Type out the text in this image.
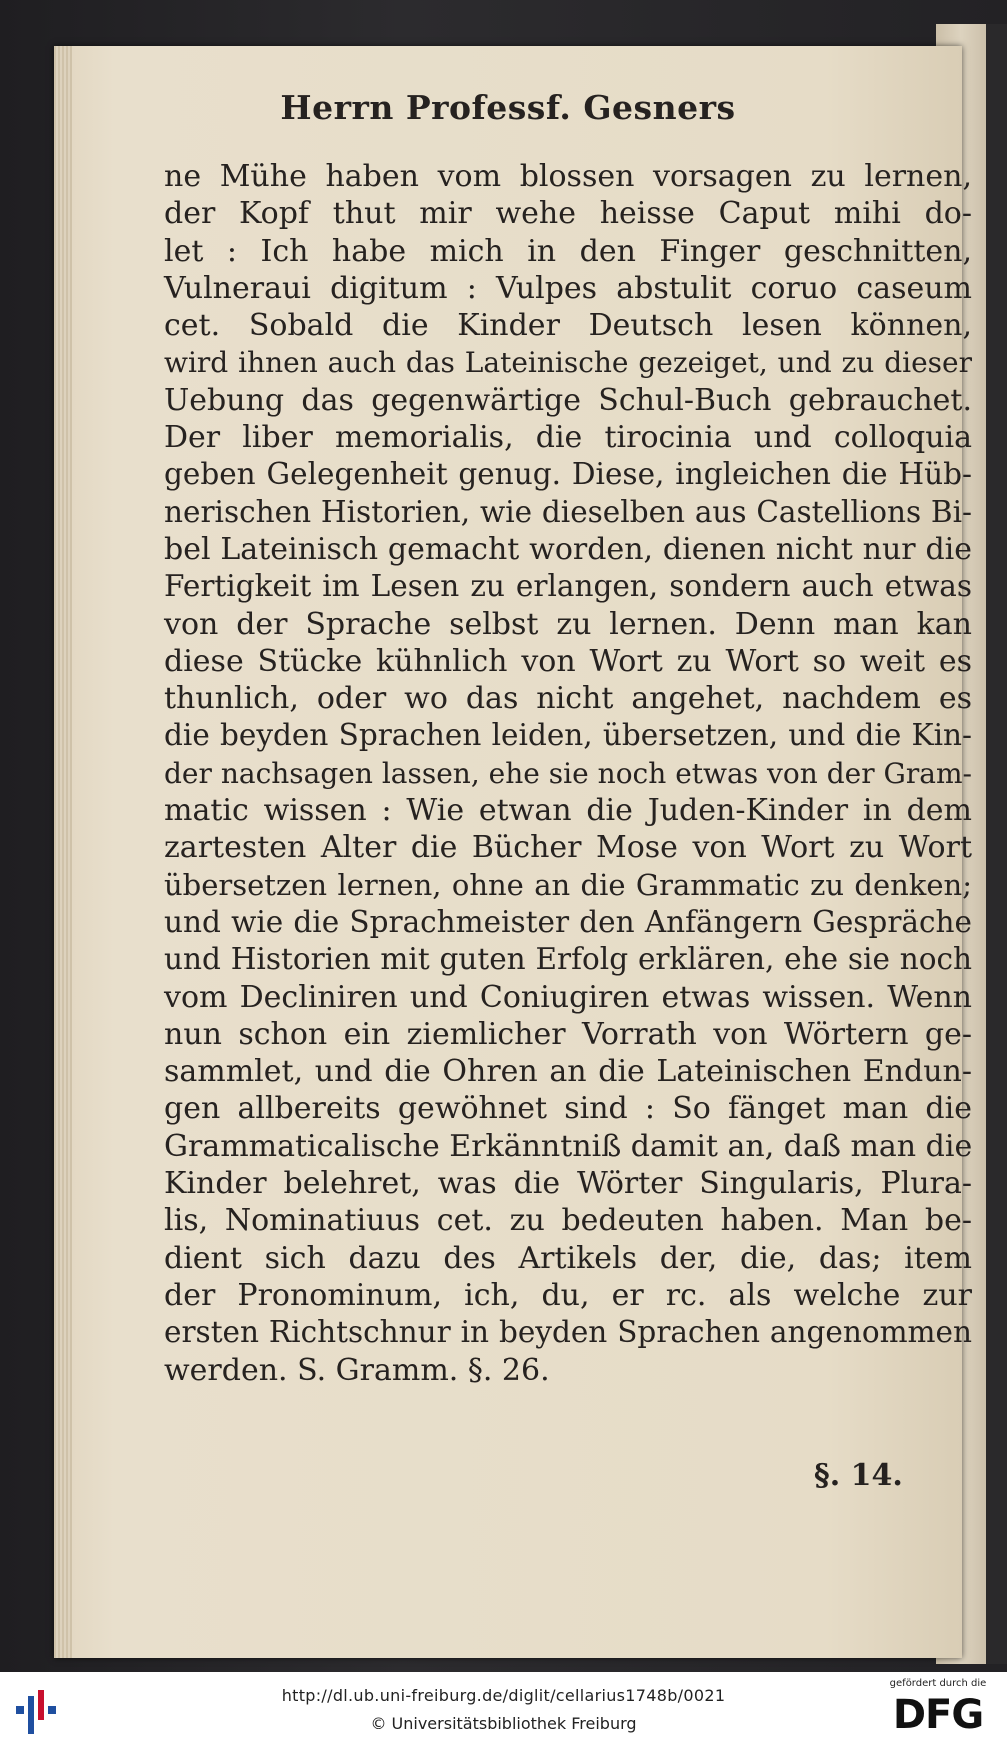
Herrn Professf. Gesners
ne Mühe haben vom blossen vorsagen zu lernen,
der Kopf thut mir wehe heisse Caput mihi do-
let : Ich habe mich in den Finger geschnitten,
Vulneraui digitum : Vulpes abstulit coruo caseum
cet. Sobald die Kinder Deutsch lesen können,
wird ihnen auch das Lateinische gezeiget, und zu dieser
Uebung das gegenwärtige Schul-Buch gebrauchet.
Der liber memorialis, die tirocinia und colloquia
geben Gelegenheit genug. Diese, ingleichen die Hüb-
nerischen Historien, wie dieselben aus Castellions Bi-
bel Lateinisch gemacht worden, dienen nicht nur die
Fertigkeit im Lesen zu erlangen, sondern auch etwas
von der Sprache selbst zu lernen. Denn man kan
diese Stücke kühnlich von Wort zu Wort so weit es
thunlich, oder wo das nicht angehet, nachdem es
die beyden Sprachen leiden, übersetzen, und die Kin-
der nachsagen lassen, ehe sie noch etwas von der Gram-
matic wissen : Wie etwan die Juden-Kinder in dem
zartesten Alter die Bücher Mose von Wort zu Wort
übersetzen lernen, ohne an die Grammatic zu denken;
und wie die Sprachmeister den Anfängern Gespräche
und Historien mit guten Erfolg erklären, ehe sie noch
vom Decliniren und Coniugiren etwas wissen. Wenn
nun schon ein ziemlicher Vorrath von Wörtern ge-
sammlet, und die Ohren an die Lateinischen Endun-
gen allbereits gewöhnet sind : So fänget man die
Grammaticalische Erkänntniß damit an, daß man die
Kinder belehret, was die Wörter Singularis, Plura-
lis, Nominatiuus cet. zu bedeuten haben. Man be-
dient sich dazu des Artikels der, die, das; item
der Pronominum, ich, du, er rc. als welche zur
ersten Richtschnur in beyden Sprachen angenommen
werden. S. Gramm. §. 26.
§. 14.
http://dl.ub.uni-freiburg.de/diglit/cellarius1748b/0021
© Universitätsbibliothek Freiburg
gefördert durch die
DFG
